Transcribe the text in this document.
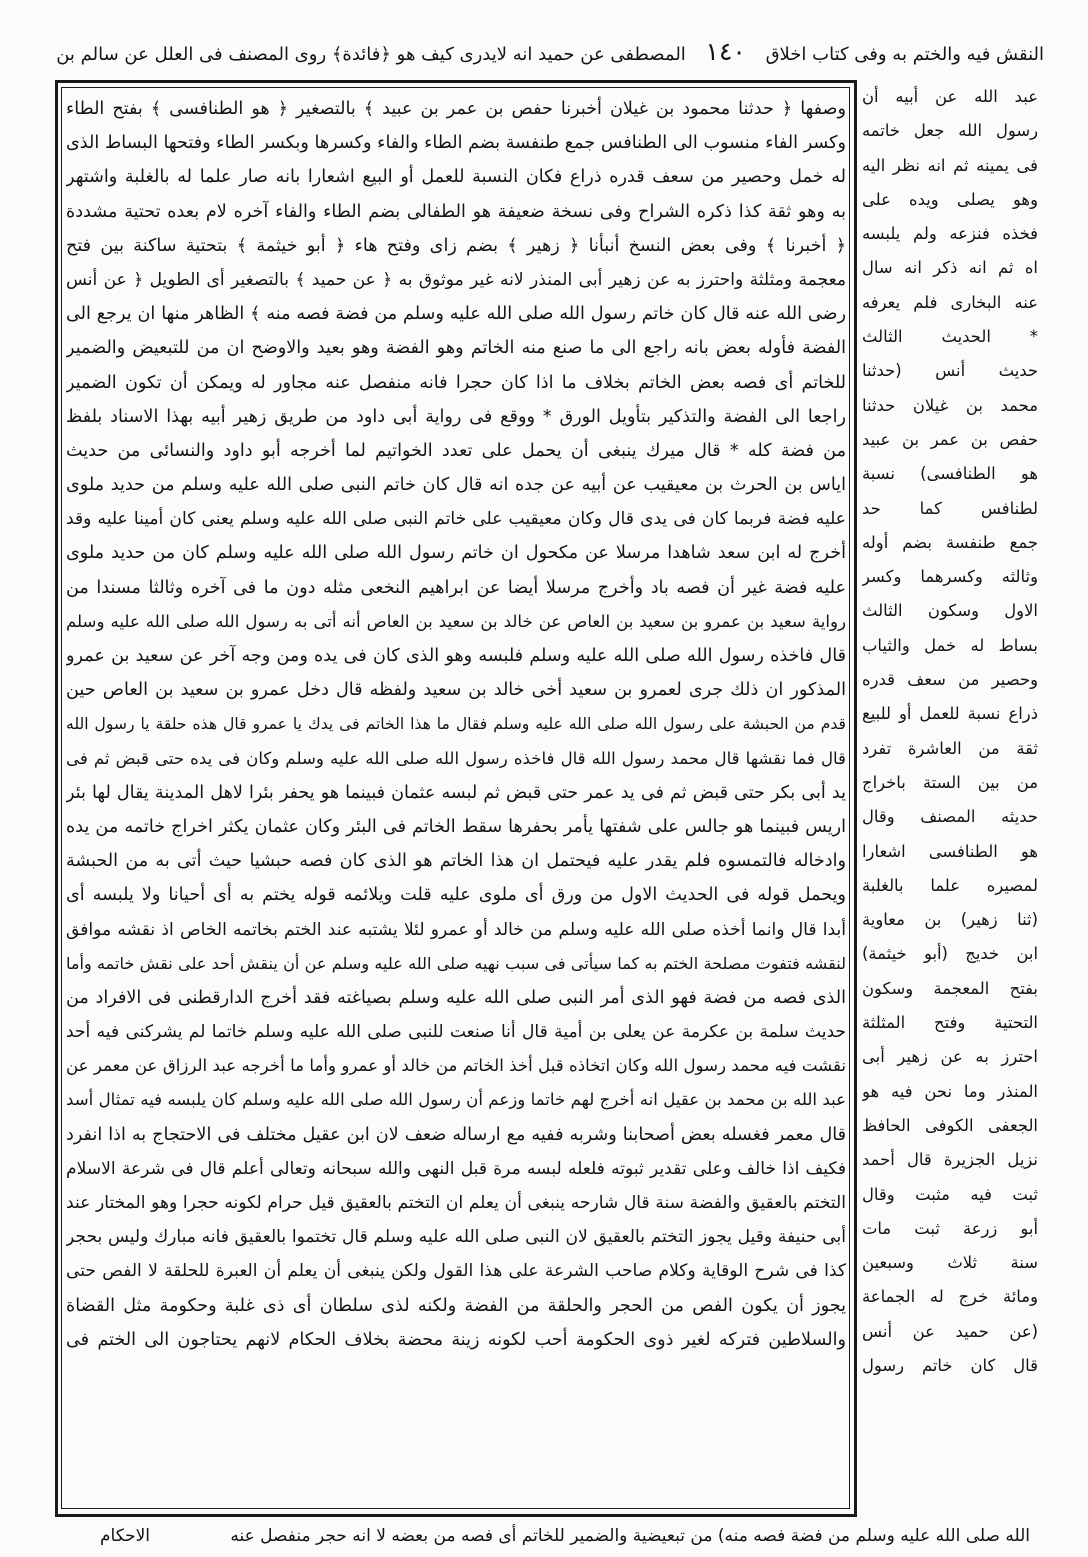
النقش فيه والختم به وفى كتاب اخلاق ١٤٠ المصطفى عن حميد انه لايدرى كيف هو ﴿فائدة﴾ روى المصنف فى العلل عن سالم بن
وصفها ﴿ حدثنا محمود بن غيلان أخبرنا حفص بن عمر بن عبيد ﴾ بالتصغير ﴿ هو الطنافسى ﴾ بفتح الطاء
وكسر الفاء منسوب الى الطنافس جمع طنفسة بضم الطاء والفاء وكسرها وبكسر الطاء وفتحها البساط الذى
له خمل وحصير من سعف قدره ذراع فكان النسبة للعمل أو البيع اشعارا بانه صار علما له بالغلبة واشتهر
به وهو ثقة كذا ذكره الشراح وفى نسخة ضعيفة هو الطفالى بضم الطاء والفاء آخره لام بعده تحتية مشددة
﴿ أخبرنا ﴾ وفى بعض النسخ أنبأنا ﴿ زهير ﴾ بضم زاى وفتح هاء ﴿ أبو خيثمة ﴾ بتحتية ساكنة بين فتح
معجمة ومثلثة واحترز به عن زهير أبى المنذر لانه غير موثوق به ﴿ عن حميد ﴾ بالتصغير أى الطويل ﴿ عن أنس
رضى الله عنه قال كان خاتم رسول الله صلى الله عليه وسلم من فضة فصه منه ﴾ الظاهر منها ان يرجع الى
الفضة فأوله بعض بانه راجع الى ما صنع منه الخاتم وهو الفضة وهو بعيد والاوضح ان من للتبعيض والضمير
للخاتم أى فصه بعض الخاتم بخلاف ما اذا كان حجرا فانه منفصل عنه مجاور له ويمكن أن تكون الضمير
راجعا الى الفضة والتذكير بتأويل الورق * ووقع فى رواية أبى داود من طريق زهير أبيه بهذا الاسناد بلفظ
من فضة كله * قال ميرك ينبغى أن يحمل على تعدد الخواتيم لما أخرجه أبو داود والنسائى من حديث
اياس بن الحرث بن معيقيب عن أبيه عن جده انه قال كان خاتم النبى صلى الله عليه وسلم من حديد ملوى
عليه فضة فربما كان فى يدى قال وكان معيقيب على خاتم النبى صلى الله عليه وسلم يعنى كان أمينا عليه وقد
أخرج له ابن سعد شاهدا مرسلا عن مكحول ان خاتم رسول الله صلى الله عليه وسلم كان من حديد ملوى
عليه فضة غير أن فصه باد وأخرج مرسلا أيضا عن ابراهيم النخعى مثله دون ما فى آخره وثالثا مسندا من
رواية سعيد بن عمرو بن سعيد بن العاص عن خالد بن سعيد بن العاص أنه أتى به رسول الله صلى الله عليه وسلم
قال فاخذه رسول الله صلى الله عليه وسلم فلبسه وهو الذى كان فى يده ومن وجه آخر عن سعيد بن عمرو
المذكور ان ذلك جرى لعمرو بن سعيد أخى خالد بن سعيد ولفظه قال دخل عمرو بن سعيد بن العاص حين
قدم من الحبشة على رسول الله صلى الله عليه وسلم فقال ما هذا الخاتم فى يدك يا عمرو قال هذه حلقة يا رسول الله
قال فما نقشها قال محمد رسول الله قال فاخذه رسول الله صلى الله عليه وسلم وكان فى يده حتى قبض ثم فى
يد أبى بكر حتى قبض ثم فى يد عمر حتى قبض ثم لبسه عثمان فبينما هو يحفر بئرا لاهل المدينة يقال لها بئر
اريس فبينما هو جالس على شفتها يأمر بحفرها سقط الخاتم فى البئر وكان عثمان يكثر اخراج خاتمه من يده
وادخاله فالتمسوه فلم يقدر عليه فيحتمل ان هذا الخاتم هو الذى كان فصه حبشيا حيث أتى به من الحبشة
ويحمل قوله فى الحديث الاول من ورق أى ملوى عليه قلت ويلائمه قوله يختم به أى أحيانا ولا يلبسه أى
أبدا قال وانما أخذه صلى الله عليه وسلم من خالد أو عمرو لئلا يشتبه عند الختم بخاتمه الخاص اذ نقشه موافق
لنقشه فتفوت مصلحة الختم به كما سيأتى فى سبب نهيه صلى الله عليه وسلم عن أن ينقش أحد على نقش خاتمه وأما
الذى فصه من فضة فهو الذى أمر النبى صلى الله عليه وسلم بصياغته فقد أخرج الدارقطنى فى الافراد من
حديث سلمة بن عكرمة عن يعلى بن أمية قال أنا صنعت للنبى صلى الله عليه وسلم خاتما لم يشركنى فيه أحد
نقشت فيه محمد رسول الله وكان اتخاذه قبل أخذ الخاتم من خالد أو عمرو وأما ما أخرجه عبد الرزاق عن معمر عن
عبد الله بن محمد بن عقيل انه أخرج لهم خاتما وزعم أن رسول الله صلى الله عليه وسلم كان يلبسه فيه تمثال أسد
قال معمر فغسله بعض أصحابنا وشربه ففيه مع ارساله ضعف لان ابن عقيل مختلف فى الاحتجاج به اذا انفرد
فكيف اذا خالف وعلى تقدير ثبوته فلعله لبسه مرة قبل النهى والله سبحانه وتعالى أعلم قال فى شرعة الاسلام
التختم بالعقيق والفضة سنة قال شارحه ينبغى أن يعلم ان التختم بالعقيق قيل حرام لكونه حجرا وهو المختار عند
أبى حنيفة وقيل يجوز التختم بالعقيق لان النبى صلى الله عليه وسلم قال تختموا بالعقيق فانه مبارك وليس بحجر
كذا فى شرح الوقاية وكلام صاحب الشرعة على هذا القول ولكن ينبغى أن يعلم أن العبرة للحلقة لا الفص حتى
يجوز أن يكون الفص من الحجر والحلقة من الفضة ولكنه لذى سلطان أى ذى غلبة وحكومة مثل القضاة
والسلاطين فتركه لغير ذوى الحكومة أحب لكونه زينة محضة بخلاف الحكام لانهم يحتاجون الى الختم فى
عبد الله عن أبيه أن
رسول الله جعل خاتمه
فى يمينه ثم انه نظر اليه
وهو يصلى ويده على
فخذه فنزعه ولم يلبسه
اه ثم انه ذكر انه سال
عنه البخارى فلم يعرفه
* الحديث الثالث
حديث أنس (حدثنا
محمد بن غيلان حدثنا
حفص بن عمر بن عبيد
هو الطنافسى) نسبة
لطنافس كما حد
جمع طنفسة بضم أوله
وثالثه وكسرهما وكسر
الاول وسكون الثالث
بساط له خمل والثياب
وحصير من سعف قدره
ذراع نسبة للعمل أو للبيع
ثقة من العاشرة تفرد
من بين الستة باخراج
حديثه المصنف وقال
هو الطنافسى اشعارا
لمصيره علما بالغلبة
(ثنا زهير) بن معاوية
ابن خديج (أبو خيثمة)
بفتح المعجمة وسكون
التحتية وفتح المثلثة
احترز به عن زهير أبى
المنذر وما نحن فيه هو
الجعفى الكوفى الحافظ
نزيل الجزيرة قال أحمد
ثبت فيه مثبت وقال
أبو زرعة ثبت مات
سنة ثلاث وسبعين
ومائة خرج له الجماعة
(عن حميد عن أنس
قال كان خاتم رسول
الله صلى الله عليه وسلم من فضة فصه منه) من تبعيضية والضمير للخاتم أى فصه من بعضه لا انه حجر منفصل عنه
الاحكام
